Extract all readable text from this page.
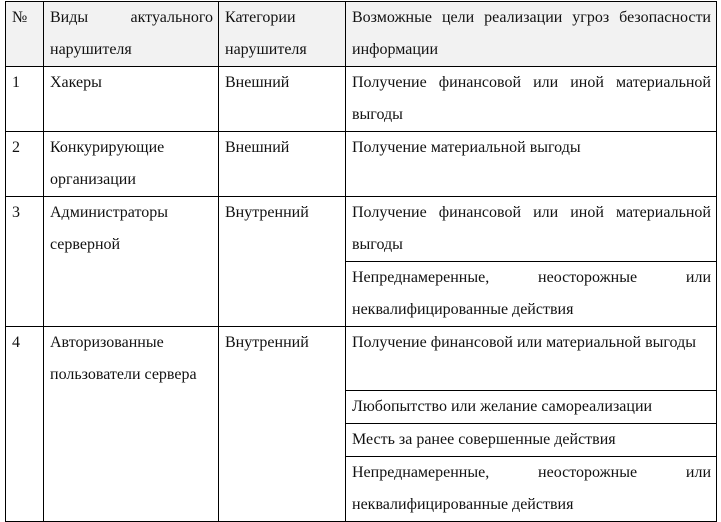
№	Виды актуального нарушителя	Категории нарушителя	Возможные цели реализации угроз безопасности информации
1	Хакеры	Внешний	Получение финансовой или иной материальной выгоды
2	Конкурирующие организации	Внешний	Получение материальной выгоды
3	Администраторы серверной	Внутренний	Получение финансовой или иной материальной выгоды
			Непреднамеренные, неосторожные или неквалифицированные действия
4	Авторизованные пользователи сервера	Внутренний	Получение финансовой или материальной выгоды
			Любопытство или желание самореализации
			Месть за ранее совершенные действия
			Непреднамеренные, неосторожные или неквалифицированные действия
